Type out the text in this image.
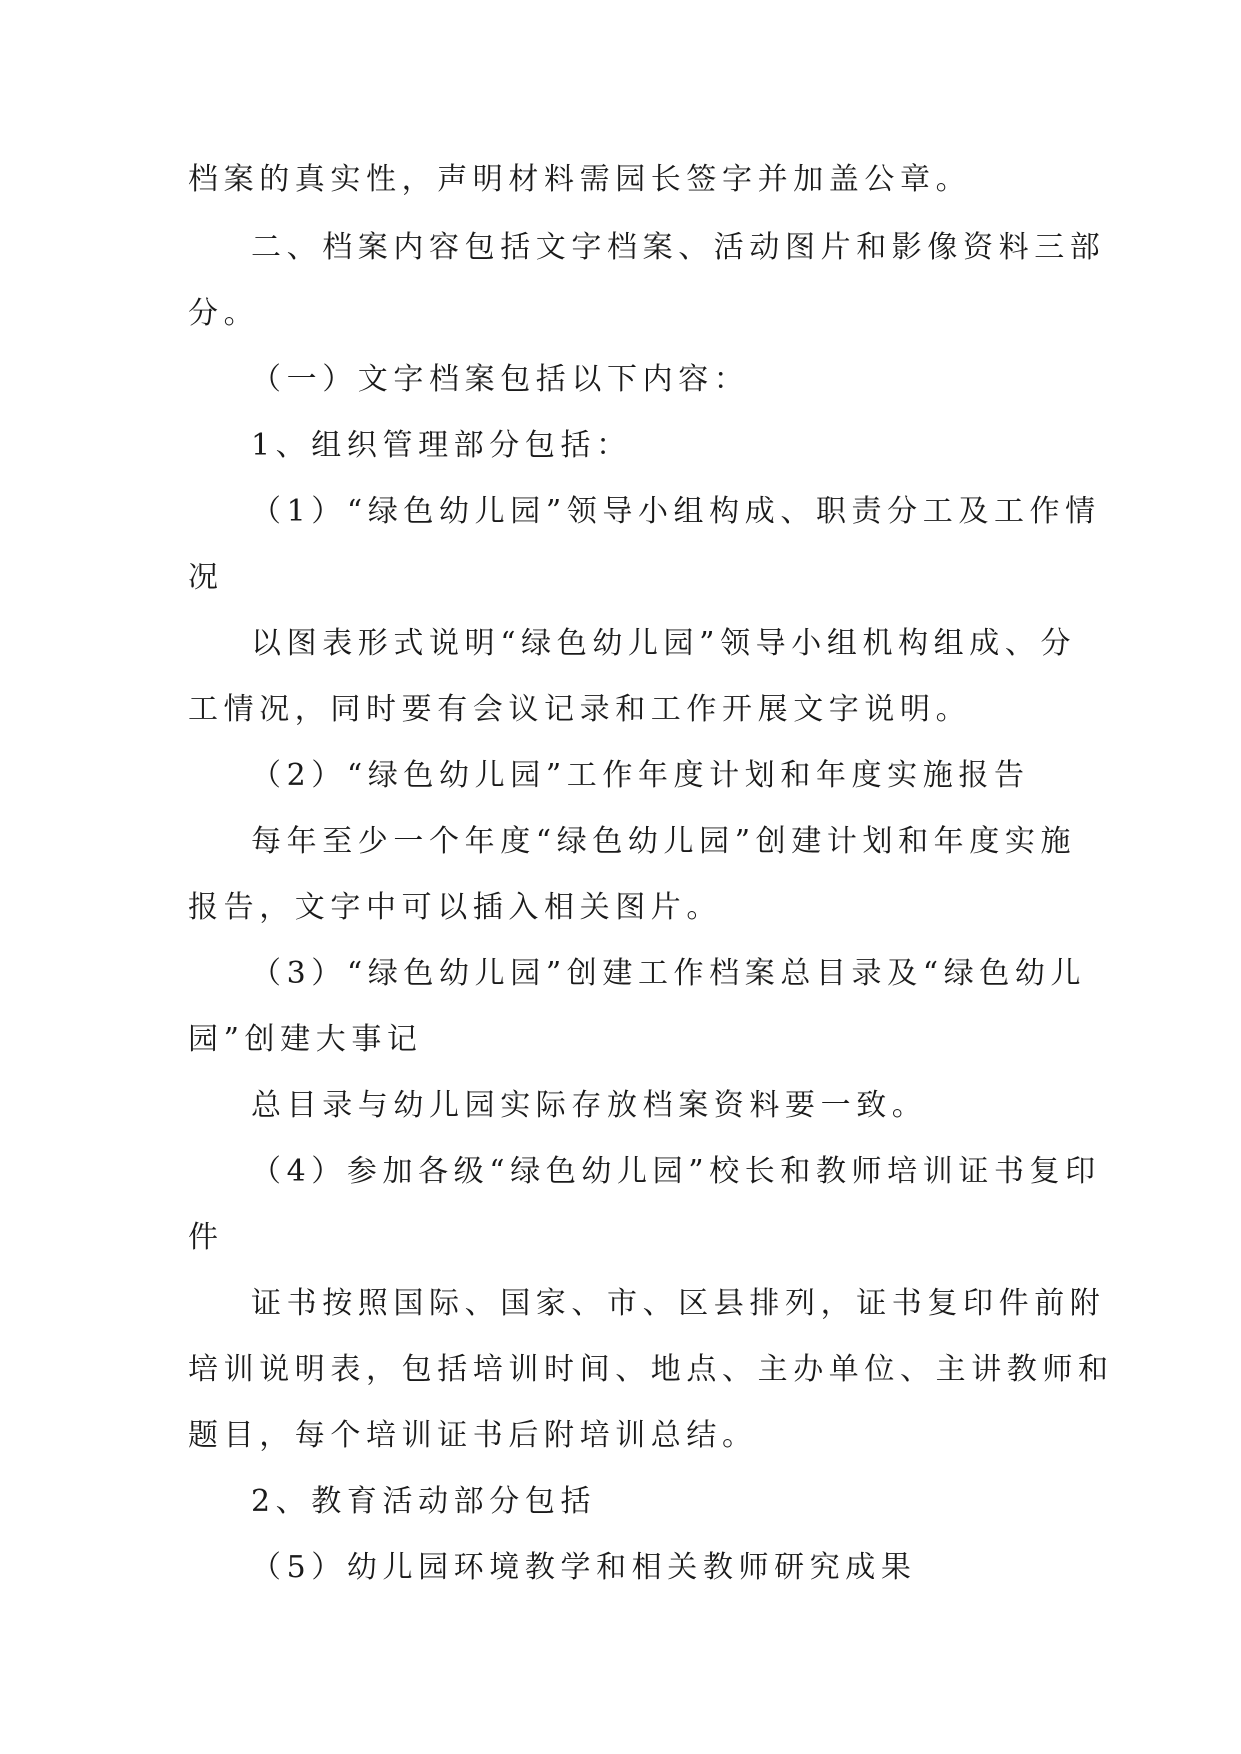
档案的真实性，声明材料需园长签字并加盖公章。
二、档案内容包括文字档案、活动图片和影像资料三部
分。
（一）文字档案包括以下内容：
1、组织管理部分包括：
（1）“绿色幼儿园”领导小组构成、职责分工及工作情
况
以图表形式说明“绿色幼儿园”领导小组机构组成、分
工情况，同时要有会议记录和工作开展文字说明。
（2）“绿色幼儿园”工作年度计划和年度实施报告
每年至少一个年度“绿色幼儿园”创建计划和年度实施
报告，文字中可以插入相关图片。
（3）“绿色幼儿园”创建工作档案总目录及“绿色幼儿
园”创建大事记
总目录与幼儿园实际存放档案资料要一致。
（4）参加各级“绿色幼儿园”校长和教师培训证书复印
件
证书按照国际、国家、市、区县排列，证书复印件前附
培训说明表，包括培训时间、地点、主办单位、主讲教师和
题目，每个培训证书后附培训总结。
2、教育活动部分包括
（5）幼儿园环境教学和相关教师研究成果
